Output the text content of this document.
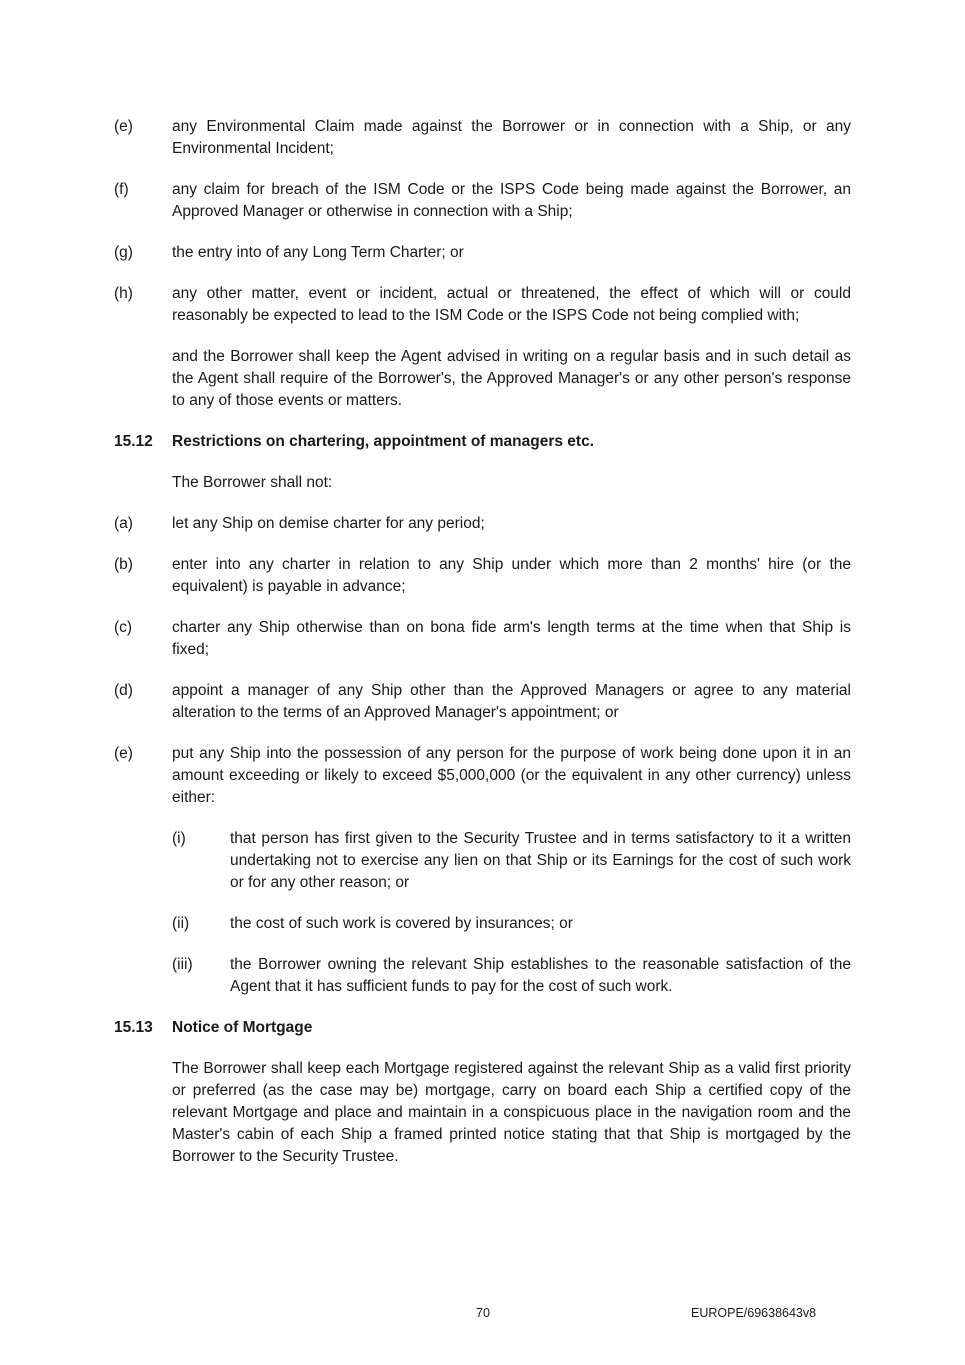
(e)	any Environmental Claim made against the Borrower or in connection with a Ship, or any Environmental Incident;
(f)	any claim for breach of the ISM Code or the ISPS Code being made against the Borrower, an Approved Manager or otherwise in connection with a Ship;
(g)	the entry into of any Long Term Charter; or
(h)	any other matter, event or incident, actual or threatened, the effect of which will or could reasonably be expected to lead to the ISM Code or the ISPS Code not being complied with;
and the Borrower shall keep the Agent advised in writing on a regular basis and in such detail as the Agent shall require of the Borrower's, the Approved Manager's or any other person's response to any of those events or matters.
15.12 Restrictions on chartering, appointment of managers etc.
The Borrower shall not:
(a)	let any Ship on demise charter for any period;
(b)	enter into any charter in relation to any Ship under which more than 2 months' hire (or the equivalent) is payable in advance;
(c)	charter any Ship otherwise than on bona fide arm's length terms at the time when that Ship is fixed;
(d)	appoint a manager of any Ship other than the Approved Managers or agree to any material alteration to the terms of an Approved Manager's appointment; or
(e)	put any Ship into the possession of any person for the purpose of work being done upon it in an amount exceeding or likely to exceed $5,000,000 (or the equivalent in any other currency) unless either:
(i)	that person has first given to the Security Trustee and in terms satisfactory to it a written undertaking not to exercise any lien on that Ship or its Earnings for the cost of such work or for any other reason; or
(ii)	the cost of such work is covered by insurances; or
(iii) the Borrower owning the relevant Ship establishes to the reasonable satisfaction of the Agent that it has sufficient funds to pay for the cost of such work.
15.13 Notice of Mortgage
The Borrower shall keep each Mortgage registered against the relevant Ship as a valid first priority or preferred (as the case may be) mortgage, carry on board each Ship a certified copy of the relevant Mortgage and place and maintain in a conspicuous place in the navigation room and the Master's cabin of each Ship a framed printed notice stating that that Ship is mortgaged by the Borrower to the Security Trustee.
70	EUROPE/69638643v8
